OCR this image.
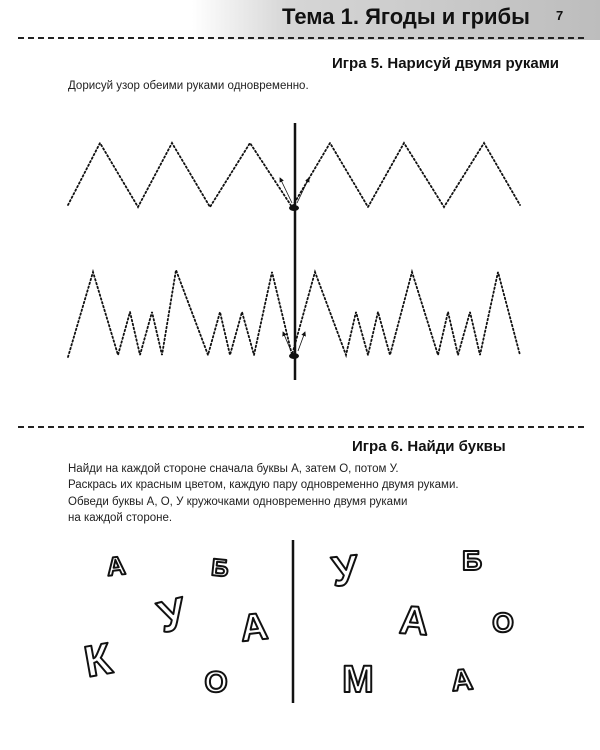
Тема 1. Ягоды и грибы 7
Игра 5. Нарисуй двумя руками
Дорисуй узор обеими руками одновременно.
Игра 6. Найди буквы
Найди на каждой стороне сначала буквы А, затем О, потом У.
Раскрась их красным цветом, каждую пару одновременно двумя руками.
Обведи буквы А, О, У кружочками одновременно двумя руками
на каждой стороне.
А	Б
У А
К	О
У	Б
А О
М	А
